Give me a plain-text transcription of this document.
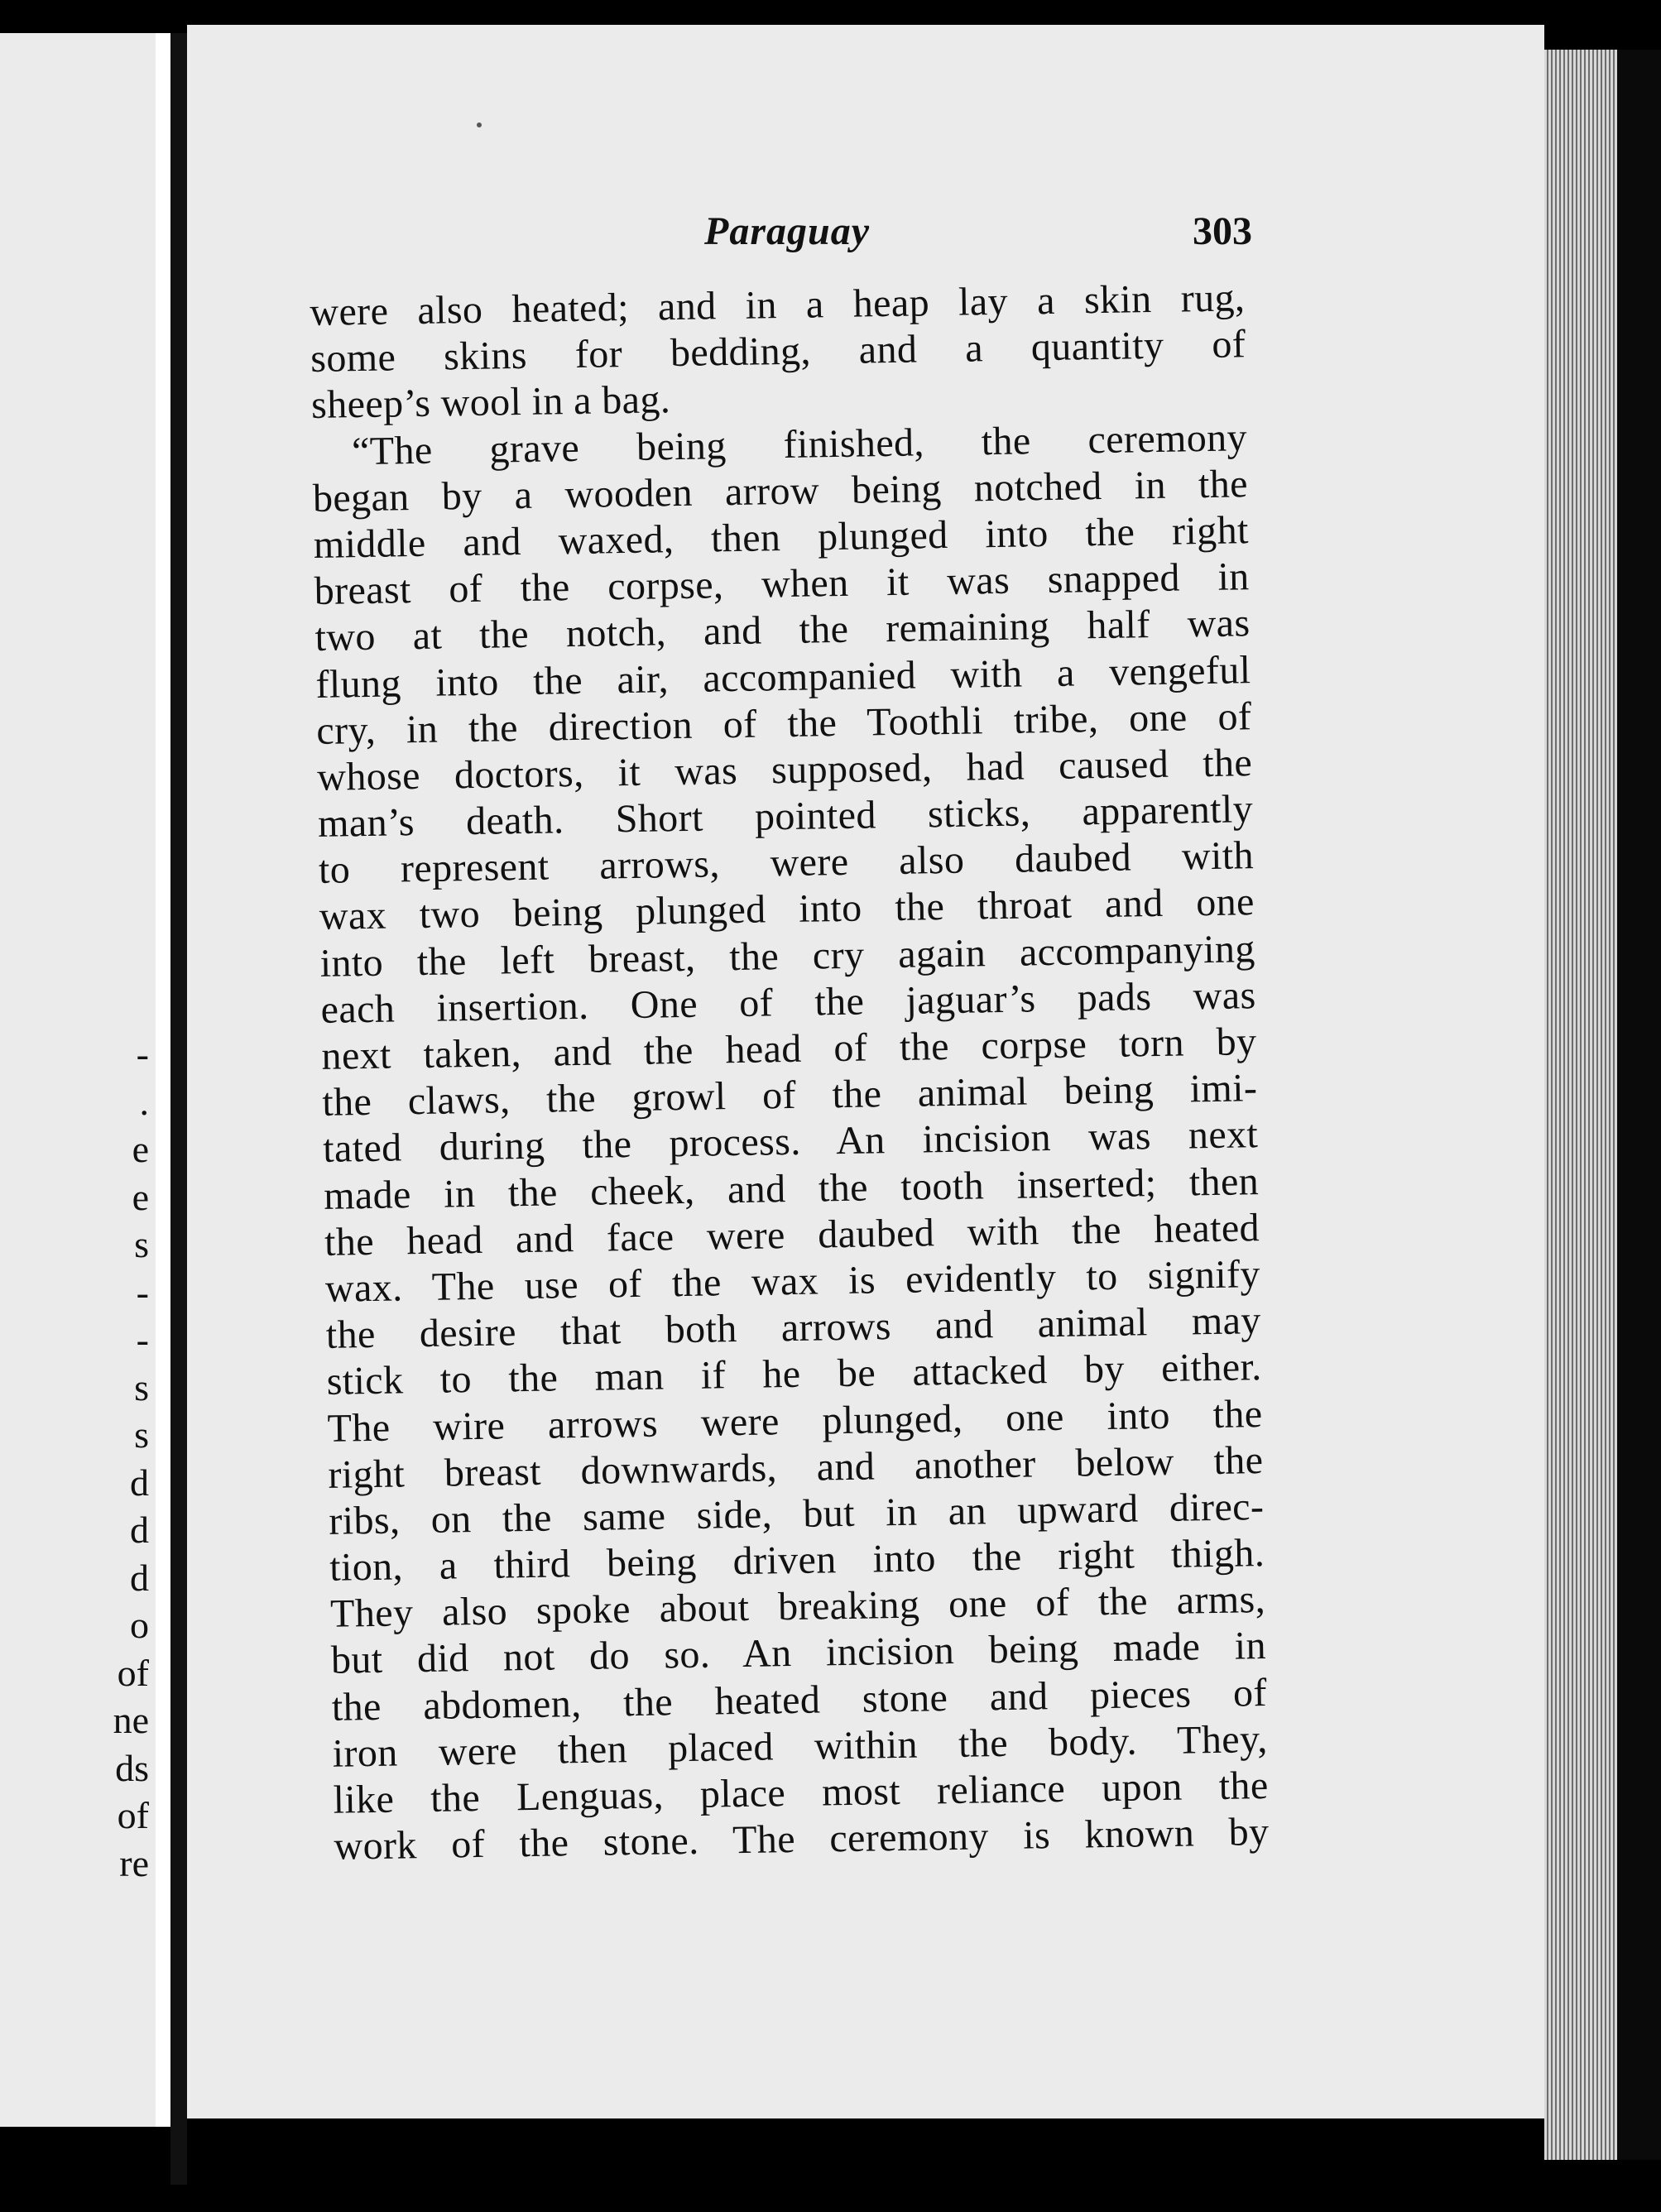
-
.
e
e
s
-
-
s
s
d
d
d
o
of
ne
ds
of
re
Paraguay	303
were also heated; and in a heap lay a skin rug,
some skins for bedding, and a quantity of
sheep’s wool in a bag.
“The grave being finished, the ceremony
began by a wooden arrow being notched in the
middle and waxed, then plunged into the right
breast of the corpse, when it was snapped in
two at the notch, and the remaining half was
flung into the air, accompanied with a vengeful
cry, in the direction of the Toothli tribe, one of
whose doctors, it was supposed, had caused the
man’s death. Short pointed sticks, apparently
to represent arrows, were also daubed with
wax two being plunged into the throat and one
into the left breast, the cry again accompanying
each insertion. One of the jaguar’s pads was
next taken, and the head of the corpse torn by
the claws, the growl of the animal being imi-
tated during the process. An incision was next
made in the cheek, and the tooth inserted; then
the head and face were daubed with the heated
wax. The use of the wax is evidently to signify
the desire that both arrows and animal may
stick to the man if he be attacked by either.
The wire arrows were plunged, one into the
right breast downwards, and another below the
ribs, on the same side, but in an upward direc-
tion, a third being driven into the right thigh.
They also spoke about breaking one of the arms,
but did not do so. An incision being made in
the abdomen, the heated stone and pieces of
iron were then placed within the body. They,
like the Lenguas, place most reliance upon the
work of the stone. The ceremony is known by
